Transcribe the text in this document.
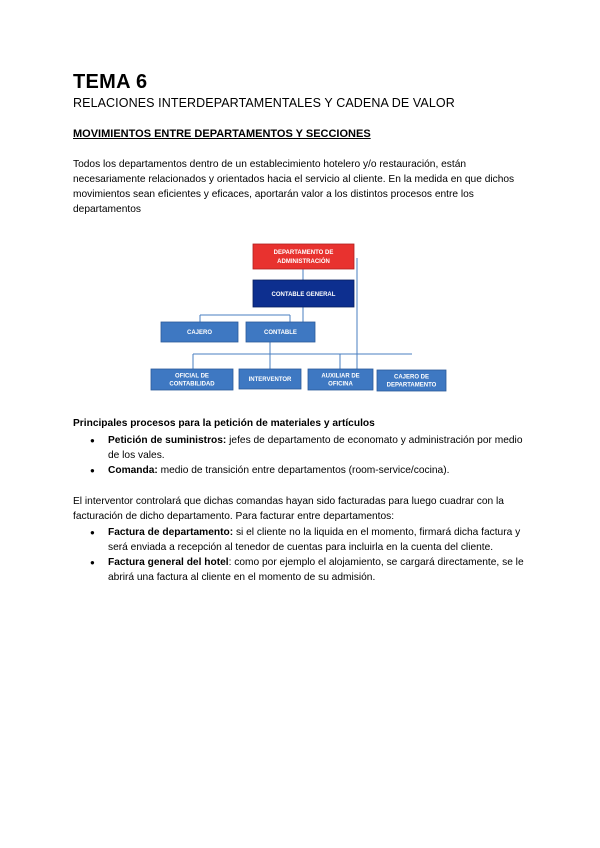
TEMA 6
RELACIONES INTERDEPARTAMENTALES Y CADENA DE VALOR
MOVIMIENTOS ENTRE DEPARTAMENTOS Y SECCIONES
Todos los departamentos dentro de un establecimiento hotelero y/o restauración, están necesariamente relacionados y orientados hacia el servicio al cliente. En la medida en que dichos movimientos sean eficientes y eficaces, aportarán valor a los distintos procesos entre los departamentos
DEPARTAMENTO DE
ADMINISTRACIÓN
CONTABLE GENERAL
CAJERO	CONTABLE
OFICIAL DE
CONTABILIDAD
INTERVENTOR
AUXILIAR DE
OFICINA
CAJERO DE
DEPARTAMENTO
Principales procesos para la petición de materiales y artículos
● Petición de suministros: jefes de departamento de economato y administración por medio de los vales.
● Comanda: medio de transición entre departamentos (room-service/cocina).
El interventor controlará que dichas comandas hayan sido facturadas para luego cuadrar con la facturación de dicho departamento. Para facturar entre departamentos:
● Factura de departamento: si el cliente no la liquida en el momento, firmará dicha factura y será enviada a recepción al tenedor de cuentas para incluirla en la cuenta del cliente.
● Factura general del hotel: como por ejemplo el alojamiento, se cargará directamente, se le abrirá una factura al cliente en el momento de su admisión.
